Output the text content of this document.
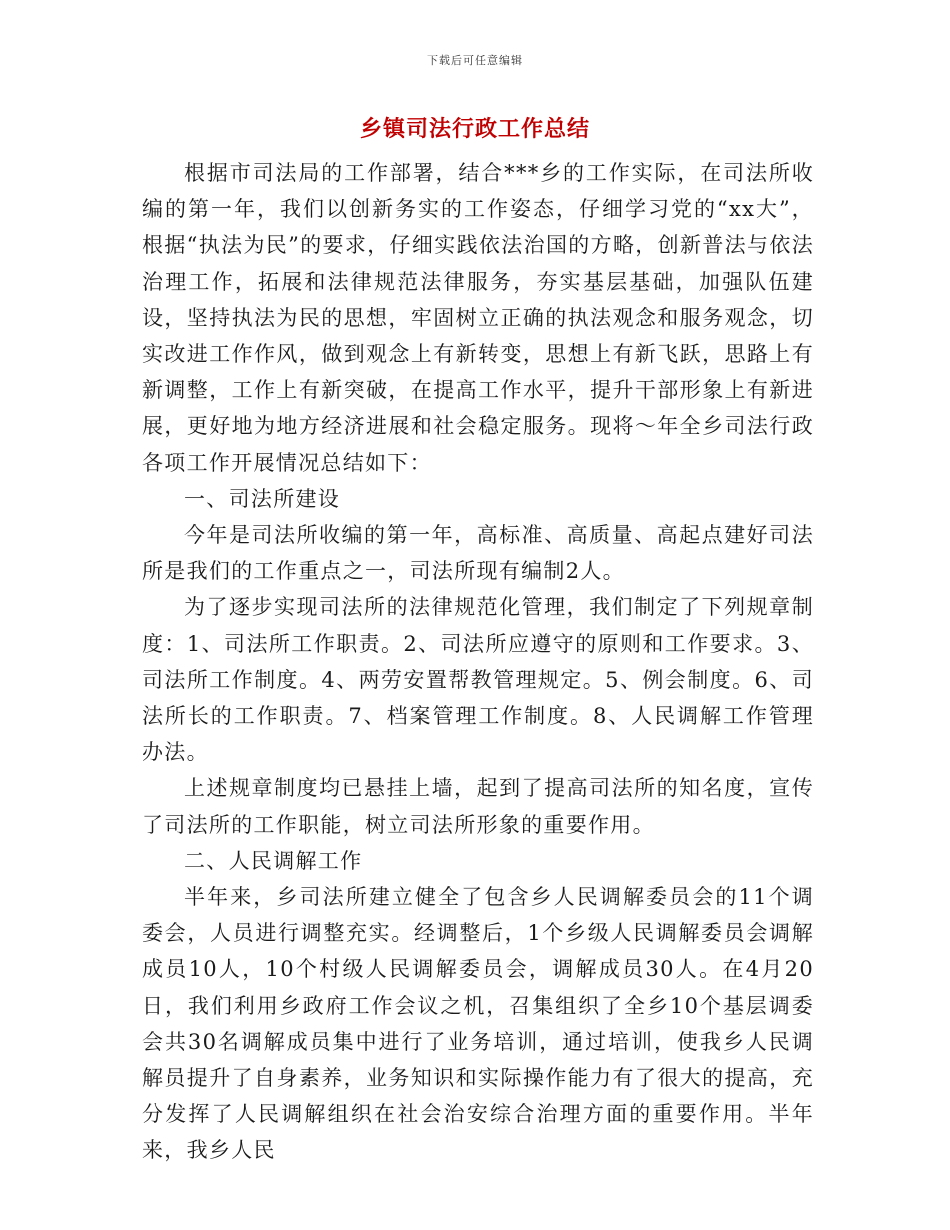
下载后可任意编辑
乡镇司法行政工作总结

根据市司法局的工作部署，结合***乡的工作实际，在司法所收编的第一年，我们以创新务实的工作姿态，仔细学习党的“xx大”，根据“执法为民”的要求，仔细实践依法治国的方略，创新普法与依法治理工作，拓展和法律规范法律服务，夯实基层基础，加强队伍建设，坚持执法为民的思想，牢固树立正确的执法观念和服务观念，切实改进工作作风，做到观念上有新转变，思想上有新飞跃，思路上有新调整，工作上有新突破，在提高工作水平，提升干部形象上有新进展，更好地为地方经济进展和社会稳定服务。现将～年全乡司法行政各项工作开展情况总结如下：

一、司法所建设

今年是司法所收编的第一年，高标准、高质量、高起点建好司法所是我们的工作重点之一，司法所现有编制2人。

为了逐步实现司法所的法律规范化管理，我们制定了下列规章制度：1、司法所工作职责。2、司法所应遵守的原则和工作要求。3、司法所工作制度。4、两劳安置帮教管理规定。5、例会制度。6、司法所长的工作职责。7、档案管理工作制度。8、人民调解工作管理办法。

上述规章制度均已悬挂上墙，起到了提高司法所的知名度，宣传了司法所的工作职能，树立司法所形象的重要作用。

二、人民调解工作

半年来，乡司法所建立健全了包含乡人民调解委员会的11个调委会，人员进行调整充实。经调整后，1个乡级人民调解委员会调解成员10人，10个村级人民调解委员会，调解成员30人。在4月20日，我们利用乡政府工作会议之机，召集组织了全乡10个基层调委会共30名调解成员集中进行了业务培训，通过培训，使我乡人民调解员提升了自身素养，业务知识和实际操作能力有了很大的提高，充分发挥了人民调解组织在社会治安综合治理方面的重要作用。半年来，我乡人民
